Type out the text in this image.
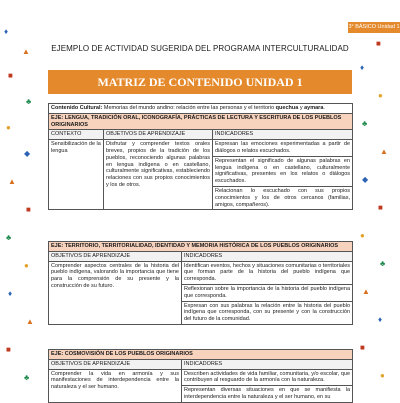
♦
▲
■
♣
●
◆
▲
■
♣
●
♦
▲
■
♣
■
♦
●
♣
▲
◆
■
●
♣
▲
♦
■
●
3° BÁSICO Unidad 1
EJEMPLO DE ACTIVIDAD SUGERIDA DEL PROGRAMA INTERCULTURALIDAD
MATRIZ DE CONTENIDO UNIDAD 1
Contenido Cultural: Memorias del mundo andino: relación entre las personas y el territorio quechua y aymara.		
EJE: LENGUA, TRADICIÓN ORAL, ICONOGRAFÍA, PRÁCTICAS DE LECTURA Y ESCRITURA DE LOS PUEBLOS ORIGINARIOS		
CONTEXTO	OBJETIVOS DE APRENDIZAJE	INDICADORES
Sensibilización de la lengua	Disfrutar y comprender textos orales breves, propios de la tradición de los pueblos, reconociendo algunas palabras en lengua indígena o en castellano, culturalmente significativas, estableciendo relaciones con sus propios conocimientos y los de otros.	Expresan las emociones experimentadas a partir de diálogos o relatos escuchados.
		Representan el significado de algunas palabras en lengua indígena o en castellano, culturalmente significativas, presentes en los relatos o diálogos escuchados.
		Relacionan lo escuchado con sus propios conocimientos y los de otros cercanos (familias, amigos, compañeros).
EJE: TERRITORIO, TERRITORIALIDAD, IDENTIDAD Y MEMORIA HISTÓRICA DE LOS PUEBLOS ORIGINARIOS	
OBJETIVOS DE APRENDIZAJE	INDICADORES
Comprender aspectos centrales de la historia del pueblo indígena, valorando la importancia que tiene para la comprensión de su presente y la construcción de su futuro.	Identifican eventos, hechos y situaciones comunitarias o territoriales que forman parte de la historia del pueblo indígena que corresponda.
	Reflexionan sobre la importancia de la historia del pueblo indígena que corresponda.
	Expresan con sus palabras la relación entre la historia del pueblo indígena que corresponda, con su presente y con la construcción del futuro de la comunidad.
EJE: COSMOVISIÓN DE LOS PUEBLOS ORIGINARIOS	
OBJETIVOS DE APRENDIZAJE	INDICADORES
Comprender la vida en armonía y sus manifestaciones de interdependencia entre la naturaleza y el ser humano.	Describen actividades de vida familiar, comunitaria, y/o escolar, que contribuyen al resguardo de la armonía con la naturaleza.
	Representan diversas situaciones en que se manifiesta la interdependencia entre la naturaleza y el ser humano, en su
